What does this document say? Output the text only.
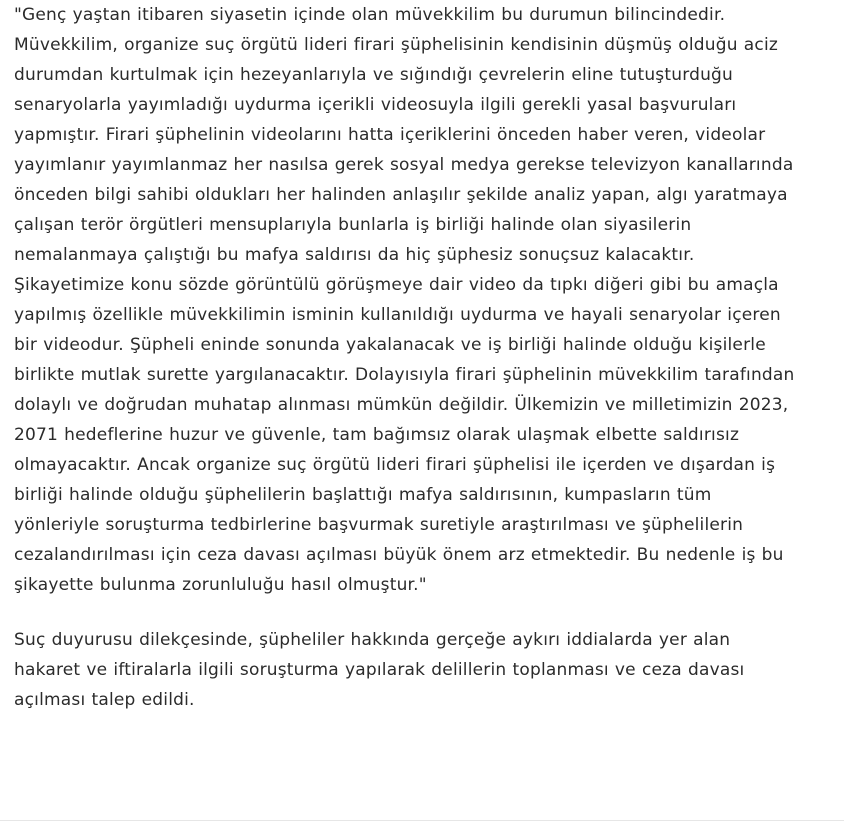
"Genç yaştan itibaren siyasetin içinde olan müvekkilim bu durumun bilincindedir. Müvekkilim, organize suç örgütü lideri firari şüphelisinin kendisinin düşmüş olduğu aciz durumdan kurtulmak için hezeyanlarıyla ve sığındığı çevrelerin eline tutuşturduğu senaryolarla yayımladığı uydurma içerikli videosuyla ilgili gerekli yasal başvuruları yapmıştır. Firari şüphelinin videolarını hatta içeriklerini önceden haber veren, videolar yayımlanır yayımlanmaz her nasılsa gerek sosyal medya gerekse televizyon kanallarında önceden bilgi sahibi oldukları her halinden anlaşılır şekilde analiz yapan, algı yaratmaya çalışan terör örgütleri mensuplarıyla bunlarla iş birliği halinde olan siyasilerin nemalanmaya çalıştığı bu mafya saldırısı da hiç şüphesiz sonuçsuz kalacaktır. Şikayetimize konu sözde görüntülü görüşmeye dair video da tıpkı diğeri gibi bu amaçla yapılmış özellikle müvekkilimin isminin kullanıldığı uydurma ve hayali senaryolar içeren bir videodur. Şüpheli eninde sonunda yakalanacak ve iş birliği halinde olduğu kişilerle birlikte mutlak surette yargılanacaktır. Dolayısıyla firari şüphelinin müvekkilim tarafından dolaylı ve doğrudan muhatap alınması mümkün değildir. Ülkemizin ve milletimizin 2023, 2071 hedeflerine huzur ve güvenle, tam bağımsız olarak ulaşmak elbette saldırısız olmayacaktır. Ancak organize suç örgütü lideri firari şüphelisi ile içerden ve dışardan iş birliği halinde olduğu şüphelilerin başlattığı mafya saldırısının, kumpasların tüm yönleriyle soruşturma tedbirlerine başvurmak suretiyle araştırılması ve şüphelilerin cezalandırılması için ceza davası açılması büyük önem arz etmektedir. Bu nedenle iş bu şikayette bulunma zorunluluğu hasıl olmuştur."

Suç duyurusu dilekçesinde, şüpheliler hakkında gerçeğe aykırı iddialarda yer alan hakaret ve iftiralarla ilgili soruşturma yapılarak delillerin toplanması ve ceza davası açılması talep edildi.
